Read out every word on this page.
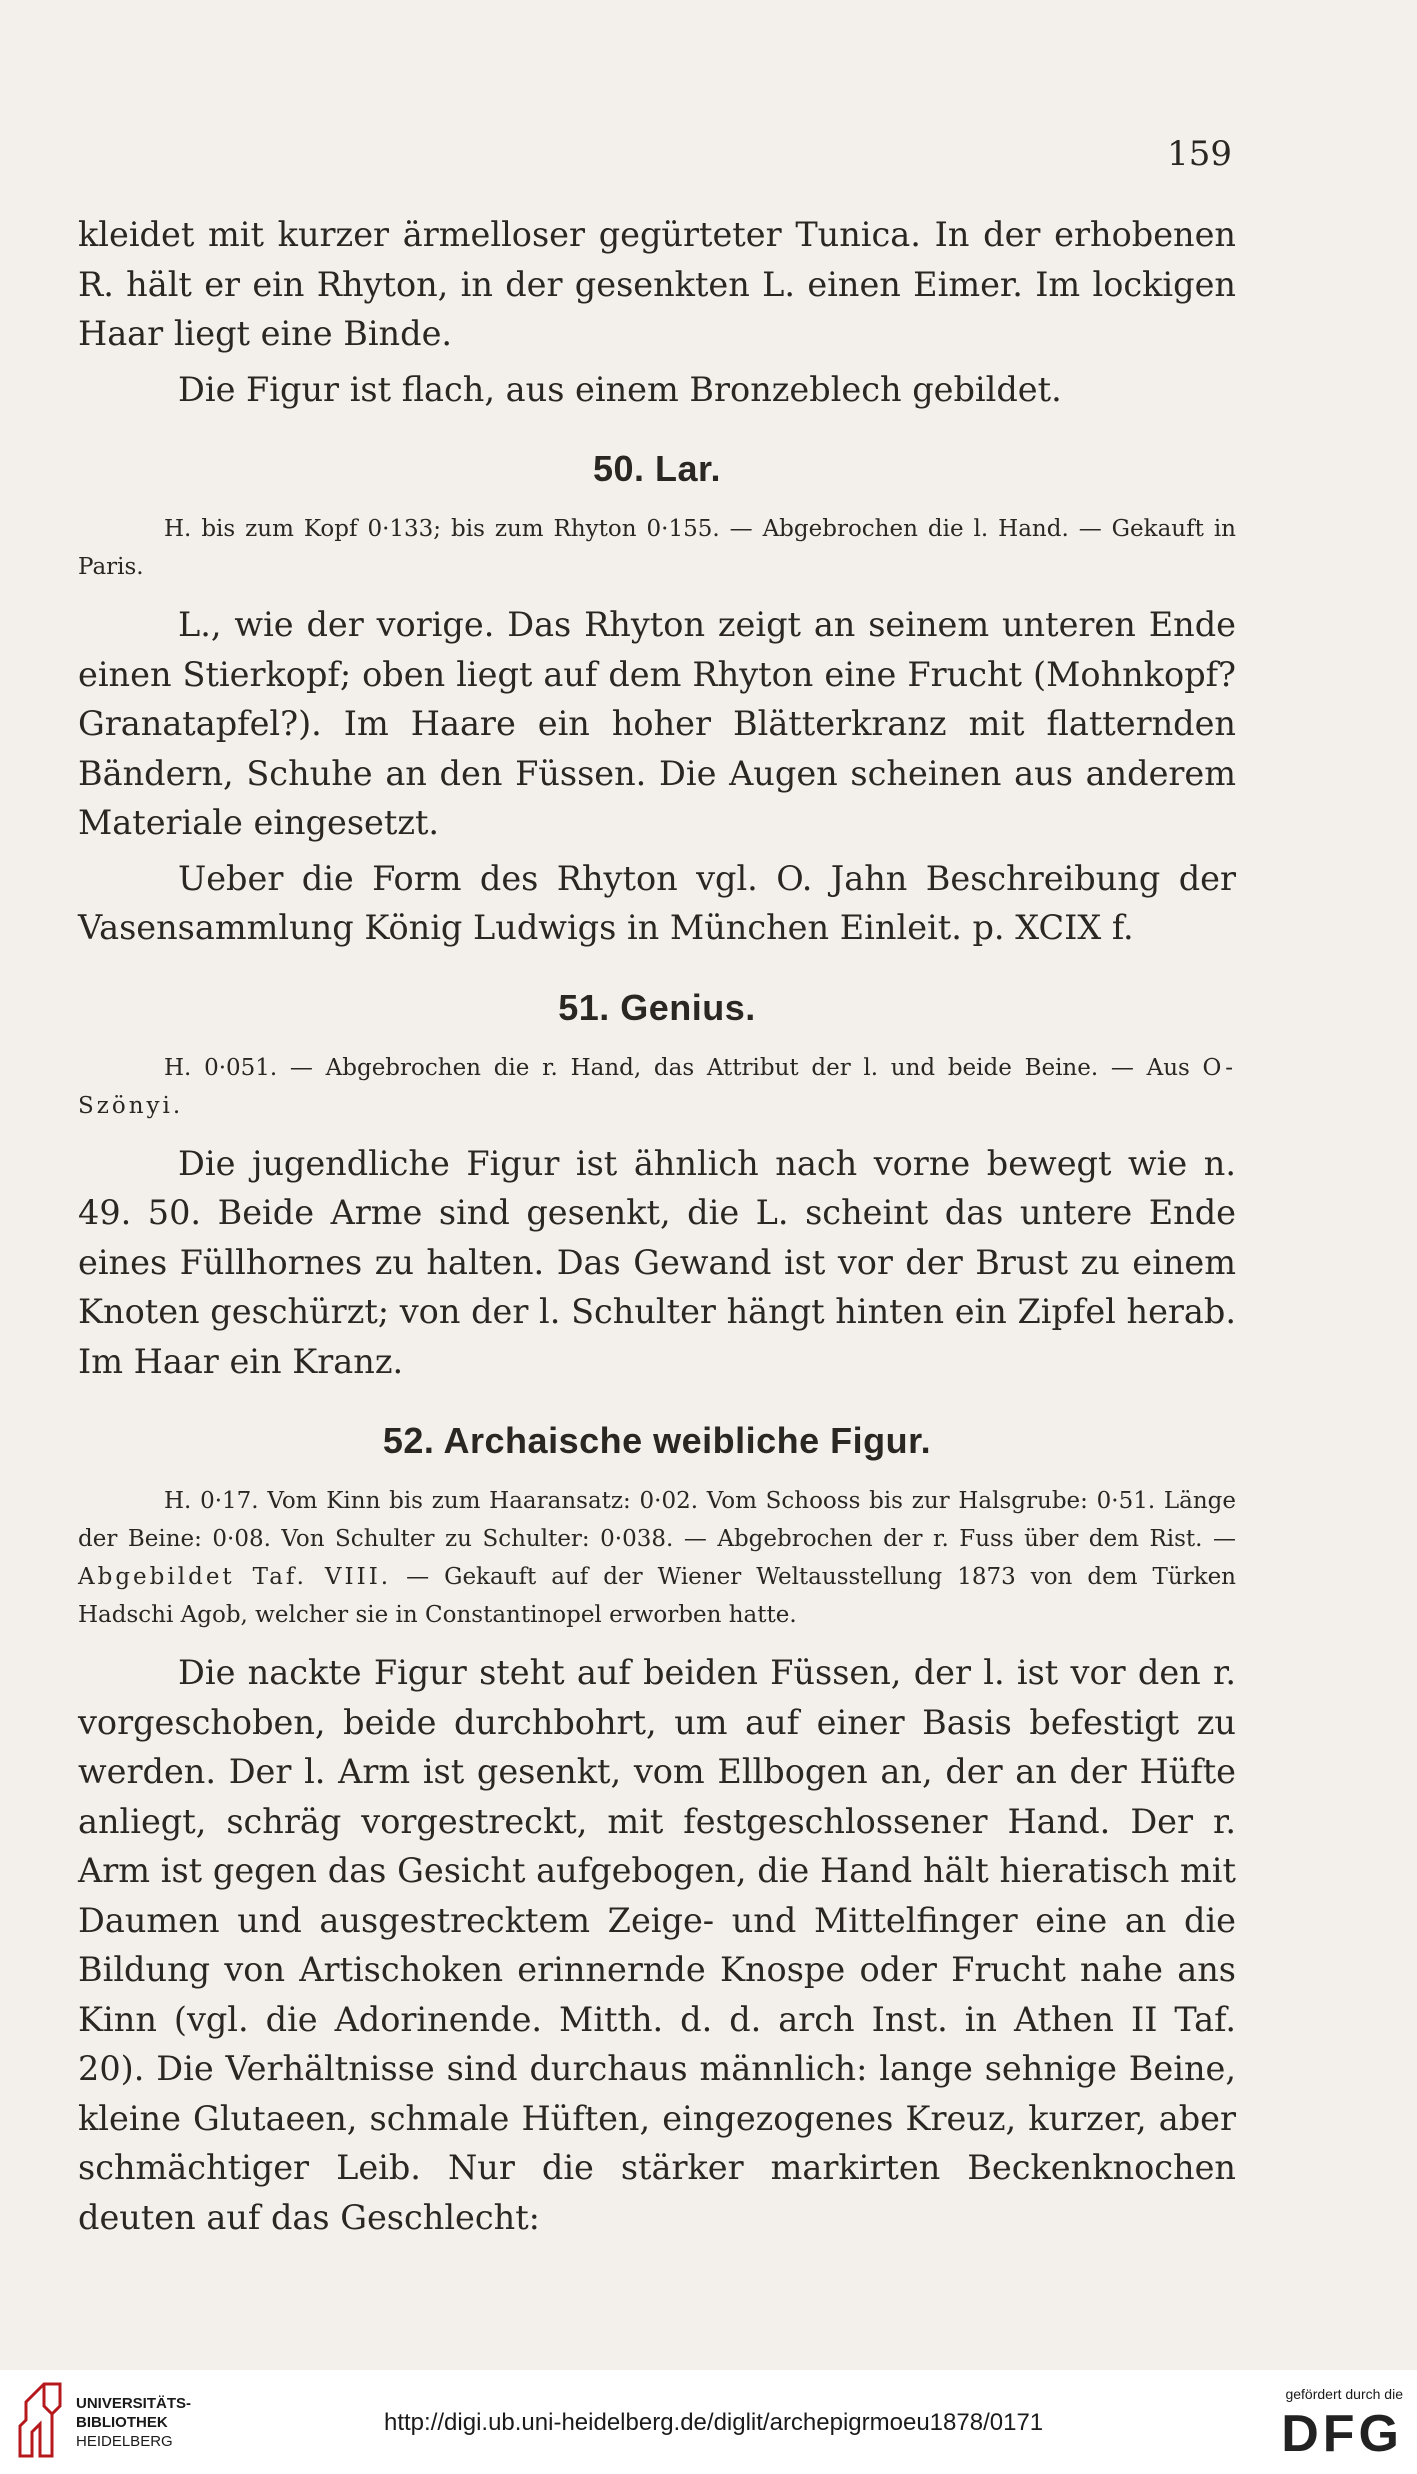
159

kleidet mit kurzer ärmelloser gegürteter Tunica. In der erhobenen R. hält er ein Rhyton, in der gesenkten L. einen Eimer. Im lockigen Haar liegt eine Binde.

Die Figur ist flach, aus einem Bronzeblech gebildet.

50. Lar.

H. bis zum Kopf 0·133; bis zum Rhyton 0·155. — Abgebrochen die l. Hand. — Gekauft in Paris.

L., wie der vorige. Das Rhyton zeigt an seinem unteren Ende einen Stierkopf; oben liegt auf dem Rhyton eine Frucht (Mohnkopf? Granatapfel?). Im Haare ein hoher Blätterkranz mit flatternden Bändern, Schuhe an den Füssen. Die Augen scheinen aus anderem Materiale eingesetzt.

Ueber die Form des Rhyton vgl. O. Jahn Beschreibung der Vasensammlung König Ludwigs in München Einleit. p. XCIX f.

51. Genius.

H. 0·051. — Abgebrochen die r. Hand, das Attribut der l. und beide Beine. — Aus O-Szönyi.

Die jugendliche Figur ist ähnlich nach vorne bewegt wie n. 49. 50. Beide Arme sind gesenkt, die L. scheint das untere Ende eines Füllhornes zu halten. Das Gewand ist vor der Brust zu einem Knoten geschürzt; von der l. Schulter hängt hinten ein Zipfel herab. Im Haar ein Kranz.

52. Archaische weibliche Figur.

H. 0·17. Vom Kinn bis zum Haaransatz: 0·02. Vom Schooss bis zur Halsgrube: 0·51. Länge der Beine: 0·08. Von Schulter zu Schulter: 0·038. — Abgebrochen der r. Fuss über dem Rist. — Abgebildet Taf. VIII. — Gekauft auf der Wiener Weltausstellung 1873 von dem Türken Hadschi Agob, welcher sie in Constantinopel erworben hatte.

Die nackte Figur steht auf beiden Füssen, der l. ist vor den r. vorgeschoben, beide durchbohrt, um auf einer Basis befestigt zu werden. Der l. Arm ist gesenkt, vom Ellbogen an, der an der Hüfte anliegt, schräg vorgestreckt, mit festgeschlossener Hand. Der r. Arm ist gegen das Gesicht aufgebogen, die Hand hält hieratisch mit Daumen und ausgestrecktem Zeige- und Mittelfinger eine an die Bildung von Artischoken erinnernde Knospe oder Frucht nahe ans Kinn (vgl. die Adorinende. Mitth. d. d. arch Inst. in Athen II Taf. 20). Die Verhältnisse sind durchaus männlich: lange sehnige Beine, kleine Glutaeen, schmale Hüften, eingezogenes Kreuz, kurzer, aber schmächtiger Leib. Nur die stärker markirten Beckenknochen deuten auf das Geschlecht:

UNIVERSITÄTS-
BIBLIOTHEK
HEIDELBERG
http://digi.ub.uni-heidelberg.de/diglit/archepigrmoeu1878/0171
gefördert durch die
DFG
